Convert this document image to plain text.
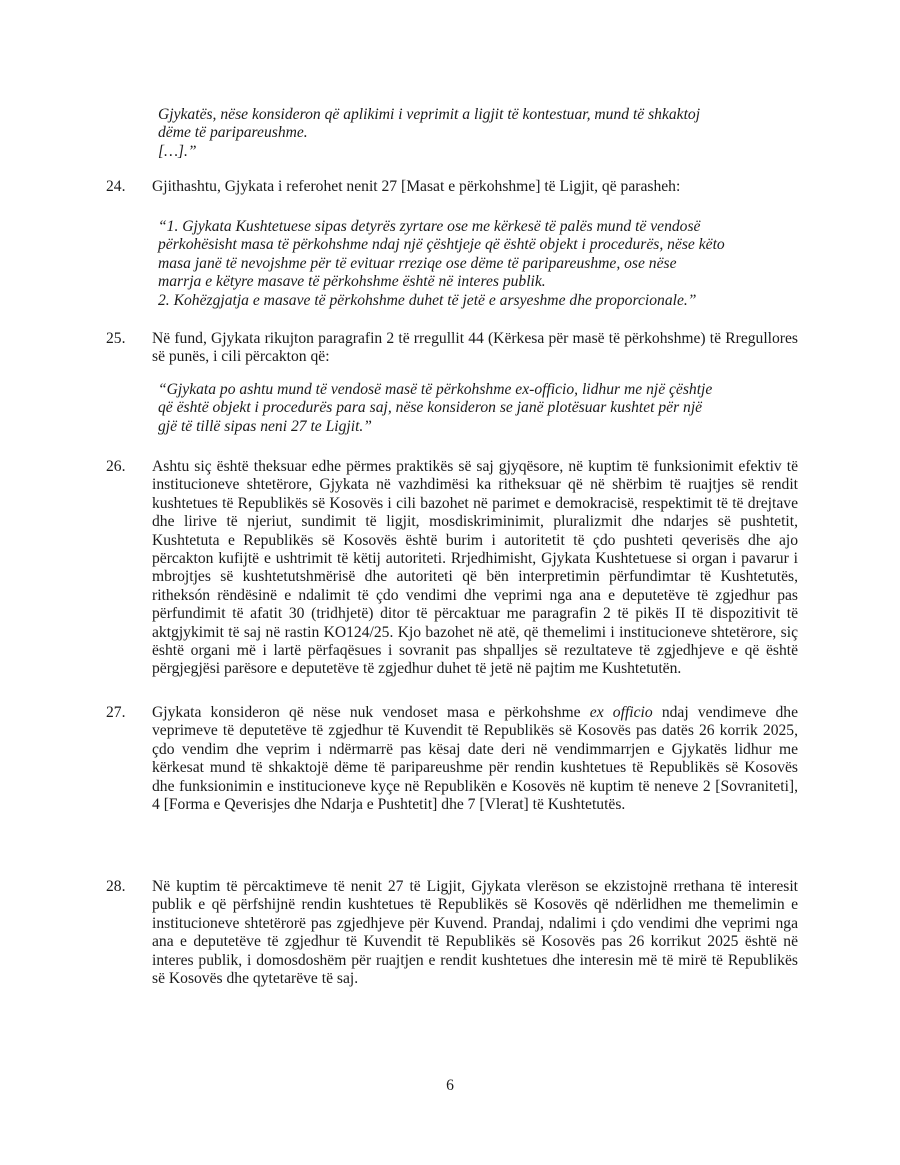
Gjykatës, nëse konsideron që aplikimi i veprimit a ligjit të kontestuar, mund të shkaktoj
dëme të paripareushme.
[…].”
24. Gjithashtu, Gjykata i referohet nenit 27 [Masat e përkohshme] të Ligjit, që parasheh:
“1. Gjykata Kushtetuese sipas detyrës zyrtare ose me kërkesë të palës mund të vendosë
përkohësisht masa të përkohshme ndaj një çështjeje që është objekt i procedurës, nëse këto
masa janë të nevojshme për të evituar rreziqe ose dëme të paripareushme, ose nëse
marrja e këtyre masave të përkohshme është në interes publik.
2. Kohëzgjatja e masave të përkohshme duhet të jetë e arsyeshme dhe proporcionale.”
25. Në fund, Gjykata rikujton paragrafin 2 të rregullit 44 (Kërkesa për masë të përkohshme) të Rregullores së punës, i cili përcakton që:
“Gjykata po ashtu mund të vendosë masë të përkohshme ex-officio, lidhur me një çështje
që është objekt i procedurës para saj, nëse konsideron se janë plotësuar kushtet për një
gjë të tillë sipas neni 27 te Ligjit.”
26. Ashtu siç është theksuar edhe përmes praktikës së saj gjyqësore, në kuptim të funksionimit efektiv të institucioneve shtetërore, Gjykata në vazhdimësi ka ritheksuar që në shërbim të ruajtjes së rendit kushtetues të Republikës së Kosovës i cili bazohet në parimet e demokracisë, respektimit të të drejtave dhe lirive të njeriut, sundimit të ligjit, mosdiskriminimit, pluralizmit dhe ndarjes së pushtetit, Kushtetuta e Republikës së Kosovës është burim i autoritetit të çdo pushteti qeverisës dhe ajo përcakton kufijtë e ushtrimit të këtij autoriteti. Rrjedhimisht, Gjykata Kushtetuese si organ i pavarur i mbrojtjes së kushtetutshmërisë dhe autoriteti që bën interpretimin përfundimtar të Kushtetutës, ritheksón rëndësinë e ndalimit të çdo vendimi dhe veprimi nga ana e deputetëve të zgjedhur pas përfundimit të afatit 30 (tridhjetë) ditor të përcaktuar me paragrafin 2 të pikës II të dispozitivit të aktgjykimit të saj në rastin KO124/25. Kjo bazohet në atë, që themelimi i institucioneve shtetërore, siç është organi më i lartë përfaqësues i sovranit pas shpalljes së rezultateve të zgjedhjeve e që është përgjegjësi parësore e deputetëve të zgjedhur duhet të jetë në pajtim me Kushtetutën.
27. Gjykata konsideron që nëse nuk vendoset masa e përkohshme ex officio ndaj vendimeve dhe veprimeve të deputetëve të zgjedhur të Kuvendit të Republikës së Kosovës pas datës 26 korrik 2025, çdo vendim dhe veprim i ndërmarrë pas kësaj date deri në vendimmarrjen e Gjykatës lidhur me kërkesat mund të shkaktojë dëme të paripareushme për rendin kushtetues të Republikës së Kosovës dhe funksionimin e institucioneve kyçe në Republikën e Kosovës në kuptim të neneve 2 [Sovraniteti], 4 [Forma e Qeverisjes dhe Ndarja e Pushtetit] dhe 7 [Vlerat] të Kushtetutës.
28. Në kuptim të përcaktimeve të nenit 27 të Ligjit, Gjykata vlerëson se ekzistojnë rrethana të interesit publik e që përfshijnë rendin kushtetues të Republikës së Kosovës që ndërlidhen me themelimin e institucioneve shtetërorë pas zgjedhjeve për Kuvend. Prandaj, ndalimi i çdo vendimi dhe veprimi nga ana e deputetëve të zgjedhur të Kuvendit të Republikës së Kosovës pas 26 korrikut 2025 është në interes publik, i domosdoshëm për ruajtjen e rendit kushtetues dhe interesin më të mirë të Republikës së Kosovës dhe qytetarëve të saj.
6
